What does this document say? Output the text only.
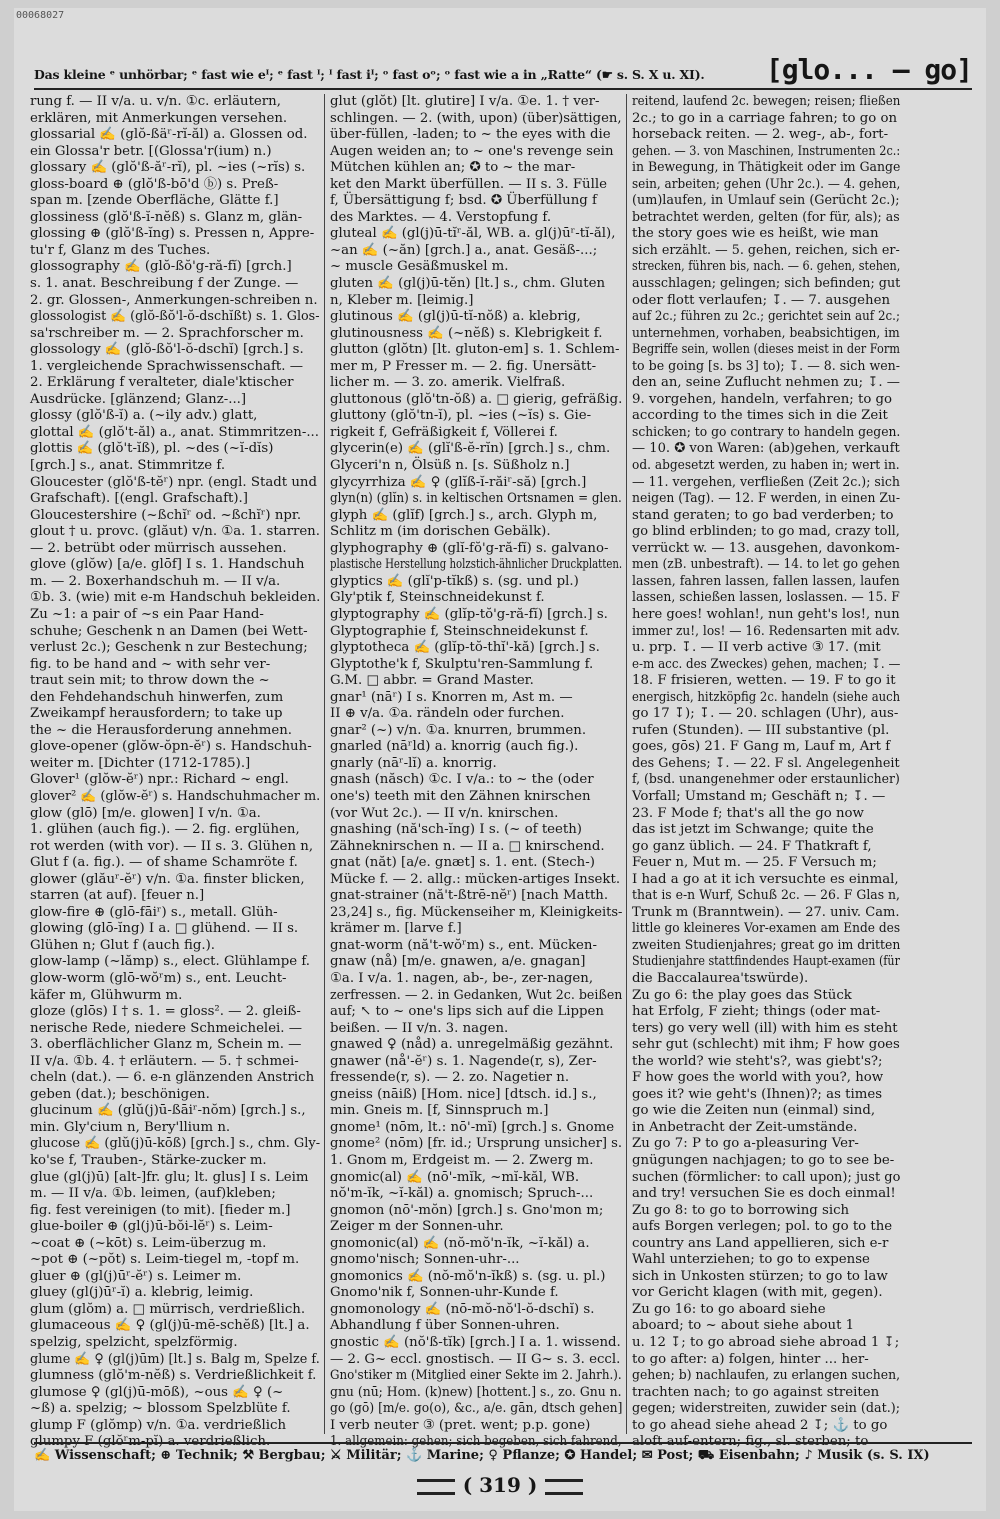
00068027
Das kleine ᵉ unhörbar; ᵉ fast wie eᴵ; ᵉ fast ᴵ; ᴵ fast iᴵ; ᵒ fast oᵒ; ᵒ fast wie a in „Ratte“ (☛ s. S. X u. XI). [glo... — go]
rung f. — II v/a. u. v/n. ①c. erläutern,
erklären, mit Anmerkungen versehen.
glossarial ✍ (glŏ-ßäʳ-rĭ-ăl) a. Glossen od.
ein Glossa'r betr. [(Glossa'r(ium) n.)
glossary ✍ (glŏ'ß-ăʳ-rĭ), pl. ~ies (~rĭs) s.
gloss-board ⊕ (glŏ'ß-bō'd ⓑ) s. Preß-
span m. [zende Oberfläche, Glätte f.]
glossiness (glŏ'ß-ĭ-nĕß) s. Glanz m, glän-
glossing ⊕ (glŏ'ß-ĭng) s. Pressen n, Appre-
tu'r f, Glanz m des Tuches.
glossography ✍ (glŏ-ßŏ'g-ră-fĭ) [grch.]
s. 1. anat. Beschreibung f der Zunge. —
2. gr. Glossen-, Anmerkungen-schreiben n.
glossologist ✍ (glŏ-ßŏ'l-ŏ-dschĭßt) s. 1. Glos-
sa'rschreiber m. — 2. Sprachforscher m.
glossology ✍ (glŏ-ßŏ'l-ŏ-dschĭ) [grch.] s.
1. vergleichende Sprachwissenschaft. —
2. Erklärung f veralteter, diale'ktischer
Ausdrücke. [glänzend; Glanz-...]
glossy (glŏ'ß-ĭ) a. (~ily adv.) glatt,
glottal ✍ (glŏ't-ăl) a., anat. Stimmritzen-...
glottis ✍ (glŏ't-ĭß), pl. ~des (~ĭ-dĭs)
[grch.] s., anat. Stimmritze f.
Gloucester (glŏ'ß-tĕʳ) npr. (engl. Stadt und
Grafschaft). [(engl. Grafschaft).]
Gloucestershire (~ßchĭʳ od. ~ßchĭʳ) npr.
glout † u. provc. (glăut) v/n. ①a. 1. starren.
— 2. betrübt oder mürrisch aussehen.
glove (glŏw) [a/e. glōf] I s. 1. Handschuh
m. — 2. Boxerhandschuh m. — II v/a.
①b. 3. (wie) mit e-m Handschuh bekleiden.
Zu ~1: a pair of ~s ein Paar Hand-
schuhe; Geschenk n an Damen (bei Wett-
verlust 2c.); Geschenk n zur Bestechung;
fig. to be hand and ~ with sehr ver-
traut sein mit; to throw down the ~
den Fehdehandschuh hinwerfen, zum
Zweikampf herausfordern; to take up
the ~ die Herausforderung annehmen.
glove-opener (glŏw-ŏpn-ĕʳ) s. Handschuh-
weiter m. [Dichter (1712-1785).]
Glover¹ (glŏw-ĕʳ) npr.: Richard ~ engl.
glover² ✍ (glŏw-ĕʳ) s. Handschuhmacher m.
glow (glō) [m/e. glowen] I v/n. ①a.
1. glühen (auch fig.). — 2. fig. erglühen,
rot werden (with vor). — II s. 3. Glühen n,
Glut f (a. fig.). — of shame Schamröte f.
glower (glăuʳ-ĕʳ) v/n. ①a. finster blicken,
starren (at auf). [feuer n.]
glow-fire ⊕ (glō-fāiʳ) s., metall. Glüh-
glowing (glō-ĭng) I a. □ glühend. — II s.
Glühen n; Glut f (auch fig.).
glow-lamp (~lămp) s., elect. Glühlampe f.
glow-worm (glō-wŏʳm) s., ent. Leucht-
käfer m, Glühwurm m.
gloze (glōs) I † s. 1. = gloss². — 2. gleiß-
nerische Rede, niedere Schmeichelei. —
3. oberflächlicher Glanz m, Schein m. —
II v/a. ①b. 4. † erläutern. — 5. † schmei-
cheln (dat.). — 6. e-n glänzenden Anstrich
geben (dat.); beschönigen.
glucinum ✍ (glŭ(j)ū-ßāiʳ-nŏm) [grch.] s.,
min. Gly'cium n, Bery'llium n.
glucose ✍ (glŭ(j)ū-kōß) [grch.] s., chm. Gly-
ko'se f, Trauben-, Stärke-zucker m.
glue (gl(j)ū) [alt-]fr. glu; lt. glus] I s. Leim
m. — II v/a. ①b. leimen, (auf)kleben;
fig. fest vereinigen (to mit). [fieder m.]
glue-boiler ⊕ (gl(j)ū-bŏi-lĕʳ) s. Leim-
~coat ⊕ (~kōt) s. Leim-überzug m.
~pot ⊕ (~pŏt) s. Leim-tiegel m, -topf m.
gluer ⊕ (gl(j)ūʳ-ĕʳ) s. Leimer m.
gluey (gl(j)ūʳ-ĭ) a. klebrig, leimig.
glum (glŏm) a. □ mürrisch, verdrießlich.
glumaceous ✍ ♀ (gl(j)ū-mē-schĕß) [lt.] a.
spelzig, spelzicht, spelzförmig.
glume ✍ ♀ (gl(j)ūm) [lt.] s. Balg m, Spelze f.
glumness (glŏ'm-nĕß) s. Verdrießlichkeit f.
glumose ♀ (gl(j)ū-mōß), ~ous ✍ ♀ (~
~ß) a. spelzig; ~ blossom Spelzblüte f.
glump F (glŏmp) v/n. ①a. verdrießlich
glumpy F (glŏʳm-pĭ) a. verdrießlich.
glut (glŏt) [lt. glutire] I v/a. ①e. 1. † ver-
schlingen. — 2. (with, upon) (über)sättigen,
über-füllen, -laden; to ~ the eyes with die
Augen weiden an; to ~ one's revenge sein
Mütchen kühlen an; ✪ to ~ the mar-
ket den Markt überfüllen. — II s. 3. Fülle
f, Übersättigung f; bsd. ✪ Überfüllung f
des Marktes. — 4. Verstopfung f.
gluteal ✍ (gl(j)ū-tĭʳ-ăl, WB. a. gl(j)ūʳ-tĭ-ăl),
~an ✍ (~ăn) [grch.] a., anat. Gesäß-...;
~ muscle Gesäßmuskel m.
gluten ✍ (gl(j)ū-tĕn) [lt.] s., chm. Gluten
n, Kleber m. [leimig.]
glutinous ✍ (gl(j)ū-tĭ-nŏß) a. klebrig,
glutinousness ✍ (~nĕß) s. Klebrigkeit f.
glutton (glŏtn) [lt. gluton-em] s. 1. Schlem-
mer m, P Fresser m. — 2. fig. Unersätt-
licher m. — 3. zo. amerik. Vielfraß.
gluttonous (glŏ'tn-ŏß) a. □ gierig, gefräßig.
gluttony (glŏ'tn-ĭ), pl. ~ies (~ĭs) s. Gie-
rigkeit f, Gefräßigkeit f, Völlerei f.
glycerin(e) ✍ (glĭ'ß-ĕ-rĭn) [grch.] s., chm.
Glyceri'n n, Ölsüß n. [s. Süßholz n.]
glycyrrhiza ✍ ♀ (glĭß-ĭ-răiʳ-să) [grch.]
glyn(n) (glĭn) s. in keltischen Ortsnamen = glen.
glyph ✍ (glĭf) [grch.] s., arch. Glyph m,
Schlitz m (im dorischen Gebälk).
glyphography ⊕ (glĭ-fŏ'g-ră-fĭ) s. galvano-
plastische Herstellung holzstich-ähnlicher Druckplatten.
glyptics ✍ (glĭ'p-tĭkß) s. (sg. und pl.)
Gly'ptik f, Steinschneidekunst f.
glyptography ✍ (glĭp-tŏ'g-ră-fĭ) [grch.] s.
Glyptographie f, Steinschneidekunst f.
glyptotheca ✍ (glĭp-tŏ-thĭ'-kă) [grch.] s.
Glyptothe'k f, Skulptu'ren-Sammlung f.
G.M. □ abbr. = Grand Master.
gnar¹ (nāʳ) I s. Knorren m, Ast m. —
II ⊕ v/a. ①a. rändeln oder furchen.
gnar² (~) v/n. ①a. knurren, brummen.
gnarled (nāʳld) a. knorrig (auch fig.).
gnarly (nāʳ-lĭ) a. knorrig.
gnash (născh) ①c. I v/a.: to ~ the (oder
one's) teeth mit den Zähnen knirschen
(vor Wut 2c.). — II v/n. knirschen.
gnashing (nă'sch-ĭng) I s. (~ of teeth)
Zähneknirschen n. — II a. □ knirschend.
gnat (năt) [a/e. gnæt] s. 1. ent. (Stech-)
Mücke f. — 2. allg.: mücken-artiges Insekt.
gnat-strainer (nă't-ßtrē-nĕʳ) [nach Matth.
23,24] s., fig. Mückenseiher m, Kleinigkeits-
krämer m. [larve f.]
gnat-worm (nă't-wŏʳm) s., ent. Mücken-
gnaw (nå) [m/e. gnawen, a/e. gnagan]
①a. I v/a. 1. nagen, ab-, be-, zer-nagen,
zerfressen. — 2. in Gedanken, Wut 2c. beißen
auf; ↖ to ~ one's lips sich auf die Lippen
beißen. — II v/n. 3. nagen.
gnawed ♀ (nåd) a. unregelmäßig gezähnt.
gnawer (nå'-ĕʳ) s. 1. Nagende(r, s), Zer-
fressende(r, s). — 2. zo. Nagetier n.
gneiss (nāiß) [Hom. nice] [dtsch. id.] s.,
min. Gneis m. [f, Sinnspruch m.]
gnome¹ (nōm, lt.: nō'-mĭ) [grch.] s. Gnome
gnome² (nōm) [fr. id.; Ursprung unsicher] s.
1. Gnom m, Erdgeist m. — 2. Zwerg m.
gnomic(al) ✍ (nō'-mĭk, ~mĭ-kăl, WB.
nŏ'm-ĭk, ~ĭ-kăl) a. gnomisch; Spruch-...
gnomon (nō'-mŏn) [grch.] s. Gno'mon m;
Zeiger m der Sonnen-uhr.
gnomonic(al) ✍ (nŏ-mŏ'n-ĭk, ~ĭ-kăl) a.
gnomo'nisch; Sonnen-uhr-...
gnomonics ✍ (nŏ-mŏ'n-ĭkß) s. (sg. u. pl.)
Gnomo'nik f, Sonnen-uhr-Kunde f.
gnomonology ✍ (nō-mŏ-nŏ'l-ŏ-dschĭ) s.
Abhandlung f über Sonnen-uhren.
gnostic ✍ (nŏ'ß-tĭk) [grch.] I a. 1. wissend.
— 2. G~ eccl. gnostisch. — II G~ s. 3. eccl.
Gno'stiker m (Mitglied einer Sekte im 2. Jahrh.).
gnu (nū; Hom. (k)new) [hottent.] s., zo. Gnu n.
go (gō) [m/e. go(o), &c., a/e. gān, dtsch gehen]
I verb neuter ③ (pret. went; p.p. gone)
1. allgemein: gehen; sich begeben, sich fahrend,
reitend, laufend 2c. bewegen; reisen; fließen
2c.; to go in a carriage fahren; to go on
horseback reiten. — 2. weg-, ab-, fort-
gehen. — 3. von Maschinen, Instrumenten 2c.:
in Bewegung, in Thätigkeit oder im Gange
sein, arbeiten; gehen (Uhr 2c.). — 4. gehen,
(um)laufen, in Umlauf sein (Gerücht 2c.);
betrachtet werden, gelten (for für, als); as
the story goes wie es heißt, wie man
sich erzählt. — 5. gehen, reichen, sich er-
strecken, führen bis, nach. — 6. gehen, stehen,
ausschlagen; gelingen; sich befinden; gut
oder flott verlaufen; ↧. — 7. ausgehen
auf 2c.; führen zu 2c.; gerichtet sein auf 2c.;
unternehmen, vorhaben, beabsichtigen, im
Begriffe sein, wollen (dieses meist in der Form
to be going [s. bs 3] to); ↧. — 8. sich wen-
den an, seine Zuflucht nehmen zu; ↧. —
9. vorgehen, handeln, verfahren; to go
according to the times sich in die Zeit
schicken; to go contrary to handeln gegen.
— 10. ✪ von Waren: (ab)gehen, verkauft
od. abgesetzt werden, zu haben in; wert in.
— 11. vergehen, verfließen (Zeit 2c.); sich
neigen (Tag). — 12. F werden, in einen Zu-
stand geraten; to go bad verderben; to
go blind erblinden; to go mad, crazy toll,
verrückt w. — 13. ausgehen, davonkom-
men (zB. unbestraft). — 14. to let go gehen
lassen, fahren lassen, fallen lassen, laufen
lassen, schießen lassen, loslassen. — 15. F
here goes! wohlan!, nun geht's los!, nun
immer zu!, los! — 16. Redensarten mit adv.
u. prp. ↧. — II verb active ③ 17. (mit
e-m acc. des Zweckes) gehen, machen; ↧. —
18. F frisieren, wetten. — 19. F to go it
energisch, hitzköpfig 2c. handeln (siehe auch
go 17 ↧); ↧. — 20. schlagen (Uhr), aus-
rufen (Stunden). — III substantive (pl.
goes, gōs) 21. F Gang m, Lauf m, Art f
des Gehens; ↧. — 22. F sl. Angelegenheit
f, (bsd. unangenehmer oder erstaunlicher)
Vorfall; Umstand m; Geschäft n; ↧. —
23. F Mode f; that's all the go now
das ist jetzt im Schwange; quite the
go ganz üblich. — 24. F Thatkraft f,
Feuer n, Mut m. — 25. F Versuch m;
I had a go at it ich versuchte es einmal,
that is e-n Wurf, Schuß 2c. — 26. F Glas n,
Trunk m (Branntwein). — 27. univ. Cam.
little go kleineres Vor-examen am Ende des
zweiten Studienjahres; great go im dritten
Studienjahre stattfindendes Haupt-examen (für
die Baccalaurea'tswürde).
Zu go 6: the play goes das Stück
hat Erfolg, F zieht; things (oder mat-
ters) go very well (ill) with him es steht
sehr gut (schlecht) mit ihm; F how goes
the world? wie steht's?, was giebt's?;
F how goes the world with you?, how
goes it? wie geht's (Ihnen)?; as times
go wie die Zeiten nun (einmal) sind,
in Anbetracht der Zeit-umstände.
Zu go 7: P to go a-pleasuring Ver-
gnügungen nachjagen; to go to see be-
suchen (förmlicher: to call upon); just go
and try! versuchen Sie es doch einmal!
Zu go 8: to go to borrowing sich
aufs Borgen verlegen; pol. to go to the
country ans Land appellieren, sich e-r
Wahl unterziehen; to go to expense
sich in Unkosten stürzen; to go to law
vor Gericht klagen (with mit, gegen).
Zu go 16: to go aboard siehe
aboard; to ~ about siehe about 1
u. 12 ↧; to go abroad siehe abroad 1 ↧;
to go after: a) folgen, hinter ... her-
gehen; b) nachlaufen, zu erlangen suchen,
trachten nach; to go against streiten
gegen; widerstreiten, zuwider sein (dat.);
to go ahead siehe ahead 2 ↧; ⚓ to go
aloft auf-entern; fig., sl. sterben; to
✍ Wissenschaft; ⊕ Technik; ⚒ Bergbau; ⚔ Militär; ⚓ Marine; ♀ Pflanze; ✪ Handel; ✉ Post; ⛟ Eisenbahn; ♪ Musik (s. S. IX)
( 319 )
